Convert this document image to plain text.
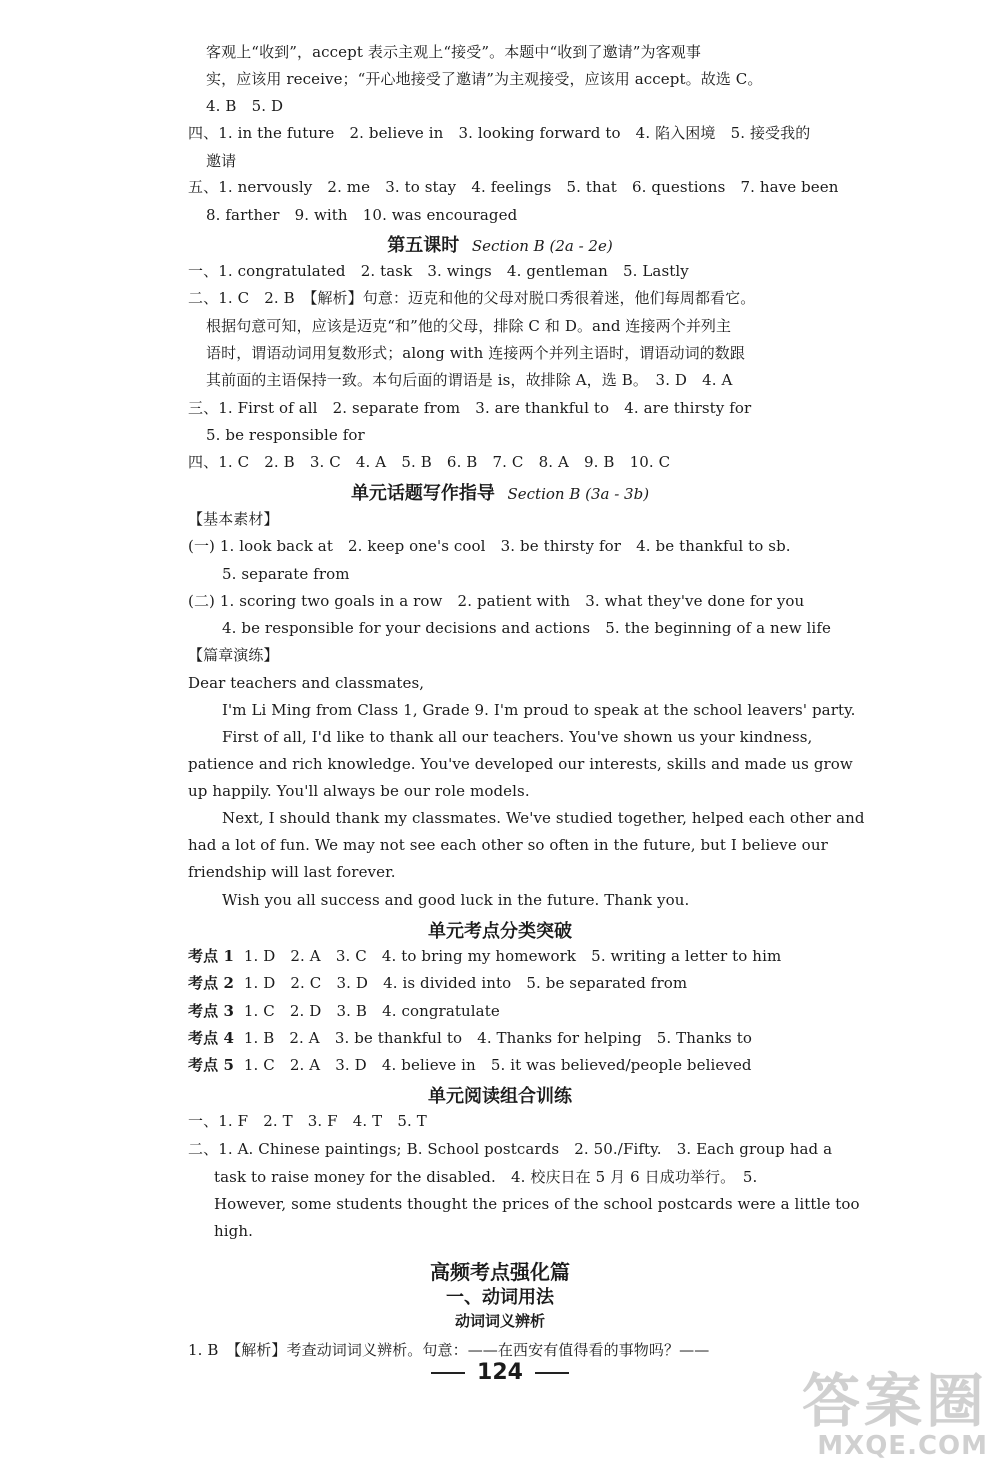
客观上“收到”，accept 表示主观上“接受”。本题中“收到了邀请”为客观事
实，应该用 receive；“开心地接受了邀请”为主观接受，应该用 accept。故选 C。
4. B　5. D
四、1. in the future　2. believe in　3. looking forward to　4. 陷入困境　5. 接受我的
邀请
五、1. nervously　2. me　3. to stay　4. feelings　5. that　6. questions　7. have been
8. farther　9. with　10. was encouraged
第五课时 Section B (2a - 2e)
一、1. congratulated　2. task　3. wings　4. gentleman　5. Lastly
二、1. C　2. B　【解析】句意：迈克和他的父母对脱口秀很着迷，他们每周都看它。
根据句意可知，应该是迈克“和”他的父母，排除 C 和 D。and 连接两个并列主
语时，谓语动词用复数形式；along with 连接两个并列主语时，谓语动词的数跟
其前面的主语保持一致。本句后面的谓语是 is，故排除 A，选 B。　3. D　4. A
三、1. First of all　2. separate from　3. are thankful to　4. are thirsty for
5. be responsible for
四、1. C　2. B　3. C　4. A　5. B　6. B　7. C　8. A　9. B　10. C
单元话题写作指导 Section B (3a - 3b)
【基本素材】
(一) 1. look back at　2. keep one's cool　3. be thirsty for　4. be thankful to sb.
5. separate from
(二) 1. scoring two goals in a row　2. patient with　3. what they've done for you
4. be responsible for your decisions and actions　5. the beginning of a new life
【篇章演练】
Dear teachers and classmates,
I'm Li Ming from Class 1, Grade 9. I'm proud to speak at the school leavers' party.
First of all, I'd like to thank all our teachers. You've shown us your kindness,
patience and rich knowledge. You've developed our interests, skills and made us grow
up happily. You'll always be our role models.
Next, I should thank my classmates. We've studied together, helped each other and
had a lot of fun. We may not see each other so often in the future, but I believe our
friendship will last forever.
Wish you all success and good luck in the future. Thank you.
单元考点分类突破
考点 1 1. D　2. A　3. C　4. to bring my homework　5. writing a letter to him
考点 2 1. D　2. C　3. D　4. is divided into　5. be separated from
考点 3 1. C　2. D　3. B　4. congratulate
考点 4 1. B　2. A　3. be thankful to　4. Thanks for helping　5. Thanks to
考点 5 1. C　2. A　3. D　4. believe in　5. it was believed/people believed
单元阅读组合训练
一、1. F　2. T　3. F　4. T　5. T
二、1. A. Chinese paintings; B. School postcards　2. 50./Fifty.　3. Each group had a
task to raise money for the disabled.　4. 校庆日在 5 月 6 日成功举行。　5.
However, some students thought the prices of the school postcards were a little too
high.
高频考点强化篇
一、动词用法
动词词义辨析
1. B　【解析】考查动词词义辨析。句意：——在西安有值得看的事物吗？——
124	答案圈
MXQE.COM
